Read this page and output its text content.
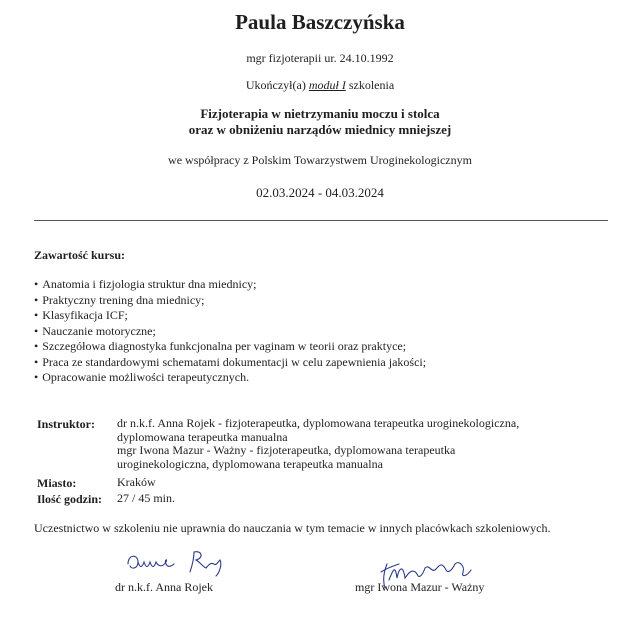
Paula Baszczyńska
mgr fizjoterapii ur. 24.10.1992
Ukończył(a) moduł I szkolenia
Fizjoterapia w nietrzymaniu moczu i stolca
oraz w obniżeniu narządów miednicy mniejszej
we współpracy z Polskim Towarzystwem Uroginekologicznym
02.03.2024 - 04.03.2024
Zawartość kursu:
• Anatomia i fizjologia struktur dna miednicy;
• Praktyczny trening dna miednicy;
• Klasyfikacja ICF;
• Nauczanie motoryczne;
• Szczegółowa diagnostyka funkcjonalna per vaginam w teorii oraz praktyce;
• Praca ze standardowymi schematami dokumentacji w celu zapewnienia jakości;
• Opracowanie możliwości terapeutycznych.
Instruktor: dr n.k.f. Anna Rojek - fizjoterapeutka, dyplomowana terapeutka uroginekologiczna,
dyplomowana terapeutka manualna
mgr Iwona Mazur - Ważny - fizjoterapeutka, dyplomowana terapeutka
uroginekologiczna, dyplomowana terapeutka manualna
Miasto:	Kraków
Ilość godzin: 27 / 45 min.
Uczestnictwo w szkoleniu nie uprawnia do nauczania w tym temacie w innych placówkach szkoleniowych.
dr n.k.f. Anna Rojek	mgr Iwona Mazur - Ważny
